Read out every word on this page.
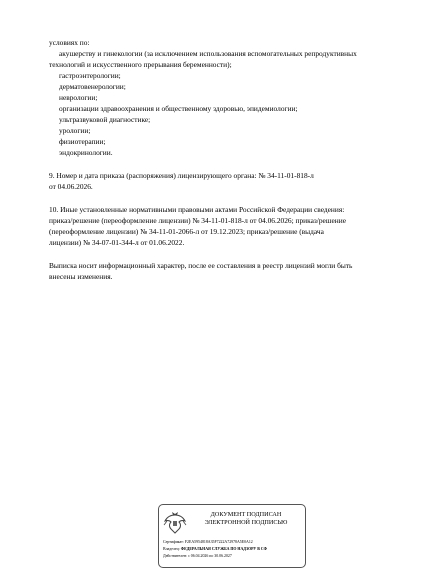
условиях по:
акушерству и гинекологии (за исключением использования вспомогательных репродуктивных
технологий и искусственного прерывания беременности);
гастроэнтерологии;
дерматовенерологии;
неврологии;
организации здравоохранения и общественному здоровью, эпидемиологии;
ультразвуковой диагностике;
урологии;
физиотерапии;
эндокринологии.
9. Номер и дата приказа (распоряжения) лицензирующего органа: № 34-11-01-818-л
от 04.06.2026.
10. Иные установленные нормативными правовыми актами Российской Федерации сведения:
приказ/решение (переоформление лицензии) № 34-11-01-818-л от 04.06.2026; приказ/решение
(переоформление лицензии) № 34-11-01-2066-л от 19.12.2023; приказ/решение (выдача
лицензии) № 34-07-01-344-л от 01.06.2022.
Выписка носит информационный характер, после ее составления в реестр лицензий могли быть
внесены изменения.
ДОКУМЕНТ ПОДПИСАН
ЭЛЕКТРОННОЙ ПОДПИСЬЮ
Сертификат: F2EA5954818A35F7222A72978A5E0A12
Владелец: ФЕДЕРАЛЬНАЯ СЛУЖБА ПО НАДЗОРУ В СФ
Действителен: с 06.04.2026 по 30.06.2027
